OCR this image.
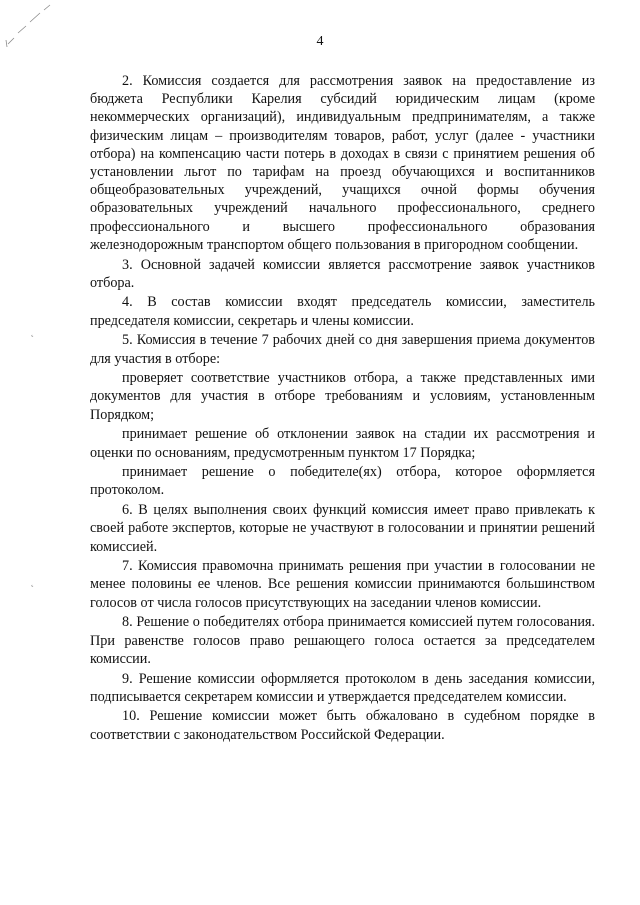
˛
˛
4

2. Комиссия создается для рассмотрения заявок на предоставление из бюджета Республики Карелия субсидий юридическим лицам (кроме некоммерческих организаций), индивидуальным предпринимателям, а также физическим лицам – производителям товаров, работ, услуг (далее - участники отбора) на компенсацию части потерь в доходах в связи с принятием решения об установлении льгот по тарифам на проезд обучающихся и воспитанников общеобразовательных учреждений, учащихся очной формы обучения образовательных учреждений начального профессионального, среднего профессионального и высшего профессионального образования железнодорожным транспортом общего пользования в пригородном сообщении.

3. Основной задачей комиссии является рассмотрение заявок участников отбора.

4. В состав комиссии входят председатель комиссии, заместитель председателя комиссии, секретарь и члены комиссии.

5. Комиссия в течение 7 рабочих дней со дня завершения приема документов для участия в отборе:

проверяет соответствие участников отбора, а также представленных ими документов для участия в отборе требованиям и условиям, установленным Порядком;

принимает решение об отклонении заявок на стадии их рассмотрения и оценки по основаниям, предусмотренным пунктом 17 Порядка;

принимает решение о победителе(ях) отбора, которое оформляется протоколом.

6. В целях выполнения своих функций комиссия имеет право привлекать к своей работе экспертов, которые не участвуют в голосовании и принятии решений комиссией.

7. Комиссия правомочна принимать решения при участии в голосовании не менее половины ее членов. Все решения комиссии принимаются большинством голосов от числа голосов присутствующих на заседании членов комиссии.

8. Решение о победителях отбора принимается комиссией путем голосования. При равенстве голосов право решающего голоса остается за председателем комиссии.

9. Решение комиссии оформляется протоколом в день заседания комиссии, подписывается секретарем комиссии и утверждается председателем комиссии.

10. Решение комиссии может быть обжаловано в судебном порядке в соответствии с законодательством Российской Федерации.
